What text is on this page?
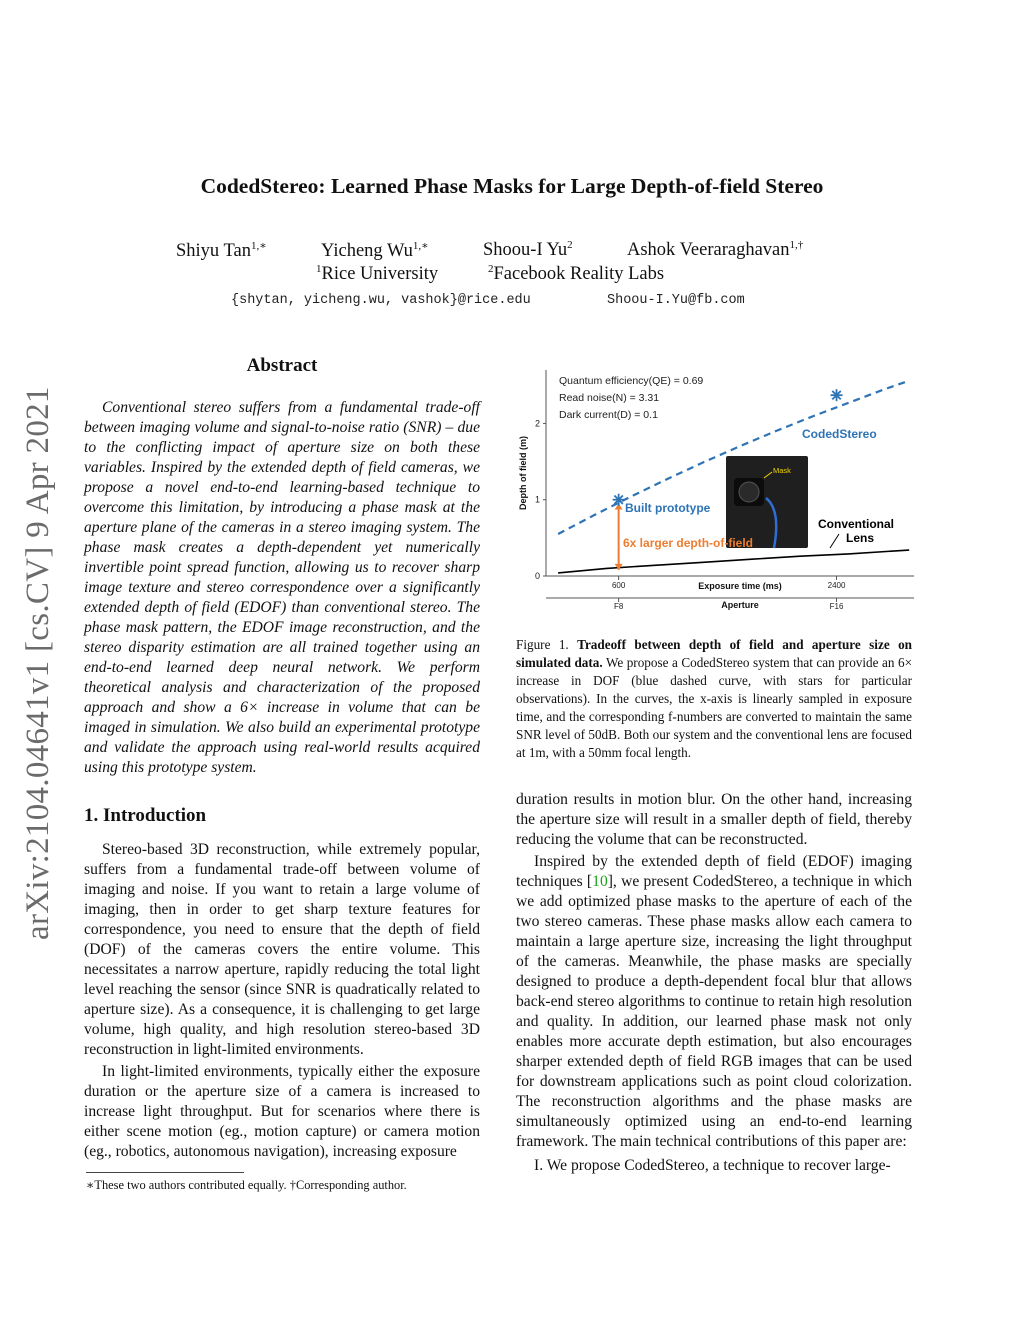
arXiv:2104.04641v1 [cs.CV] 9 Apr 2021
CodedStereo: Learned Phase Masks for Large Depth-of-field Stereo
Shiyu Tan$^{1,∗}$	Yicheng $Wu^{1,∗}$	Shoou-I Yu$^2$	Ashok Veeraraghavan$^{1,\dagger}$
$^1$Rice University	$^2$Facebook Reality Labs
{shytan, yicheng.wu, vashok}@rice.edu	Shoou-I.Yu@fb.com
Abstract

Conventional stereo suffers from a fundamental trade-off between imaging volume and signal-to-noise ratio (SNR) – due to the conflicting impact of aperture size on both these variables. Inspired by the extended depth of field cameras, we propose a novel end-to-end learning-based technique to overcome this limitation, by introducing a phase mask at the aperture plane of the cameras in a stereo imaging system. The phase mask creates a depth-dependent yet numerically invertible point spread function, allowing us to recover sharp image texture and stereo correspondence over a significantly extended depth of field (EDOF) than conventional stereo. The phase mask pattern, the EDOF image reconstruction, and the stereo disparity estimation are all trained together using an end-to-end learned deep neural network. We perform theoretical analysis and characterization of the proposed approach and show a 6× increase in volume that can be imaged in simulation. We also build an experimental prototype and validate the approach using real-world results acquired using this prototype system.

1. Introduction

Stereo-based 3D reconstruction, while extremely popular, suffers from a fundamental trade-off between volume of imaging and noise. If you want to retain a large volume of imaging, then in order to get sharp texture features for correspondence, you need to ensure that the depth of field (DOF) of the cameras covers the entire volume. This necessitates a narrow aperture, rapidly reducing the total light level reaching the sensor (since SNR is quadratically related to aperture size). As a consequence, it is challenging to get large volume, high quality, and high resolution stereo-based 3D reconstruction in light-limited environments.

In light-limited environments, typically either the exposure duration or the aperture size of a camera is increased to increase light throughput. But for scenarios where there is either scene motion (eg., motion capture) or camera motion (eg., robotics, autonomous navigation), increasing exposure

∗These two authors contributed equally. †Corresponding author.
0
1
2
600
F8
2400
F16
Exposure time (ms)
Aperture
Depth of field (m)
Quantum efficiency(QE) = 0.69
Read noise(N) = 3.31
Dark current(D) = 0.1
Mask
CodedStereo
Built prototype
6x larger depth-of-field
Conventional
Lens
Figure 1. Tradeoff between depth of field and aperture size on simulated data. We propose a CodedStereo system that can provide an 6× increase in DOF (blue dashed curve, with stars for particular observations). In the curves, the x-axis is linearly sampled in exposure time, and the corresponding f-numbers are converted to maintain the same SNR level of 50dB. Both our system and the conventional lens are focused at 1m, with a 50mm focal length.

duration results in motion blur. On the other hand, increasing the aperture size will result in a smaller depth of field, thereby reducing the volume that can be reconstructed.

Inspired by the extended depth of field (EDOF) imaging techniques [10], we present CodedStereo, a technique in which we add optimized phase masks to the aperture of each of the two stereo cameras. These phase masks allow each camera to maintain a large aperture size, increasing the light throughput of the cameras. Meanwhile, the phase masks are specially designed to produce a depth-dependent focal blur that allows back-end stereo algorithms to continue to retain high resolution and quality. In addition, our learned phase mask not only enables more accurate depth estimation, but also encourages sharper extended depth of field RGB images that can be used for downstream applications such as point cloud colorization. The reconstruction algorithms and the phase masks are simultaneously optimized using an end-to-end learning framework. The main technical contributions of this paper are:

I. We propose CodedStereo, a technique to recover large-
